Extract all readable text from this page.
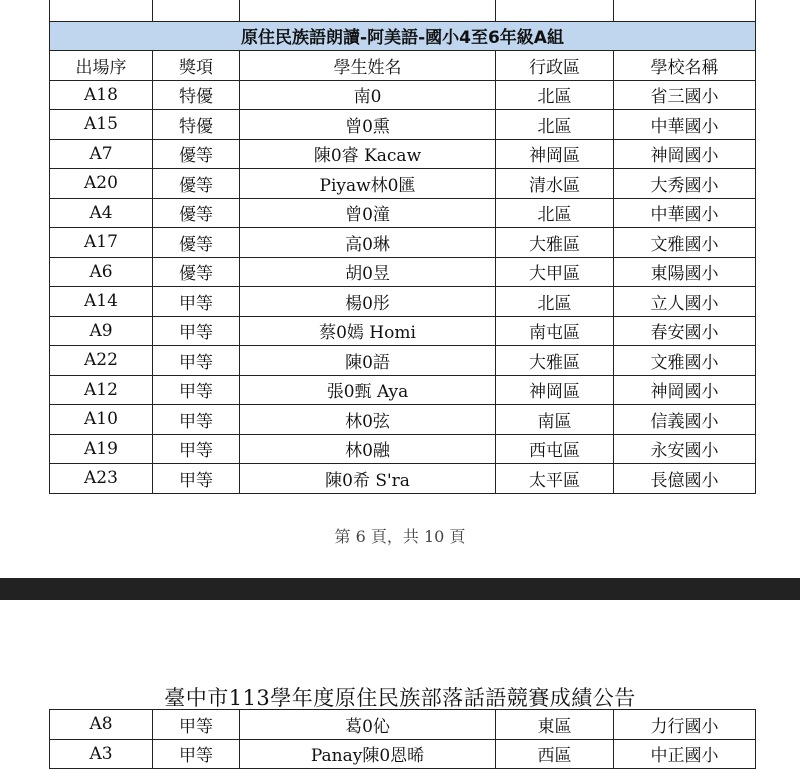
原住民族語朗讀-阿美語-國小4至6年級A組				
出場序	獎項	學生姓名	行政區	學校名稱
A18	特優	南0	北區	省三國小
A15	特優	曾0熏	北區	中華國小
A7	優等	陳0睿 Kacaw	神岡區	神岡國小
A20	優等	Piyaw林0匯	清水區	大秀國小
A4	優等	曾0潼	北區	中華國小
A17	優等	高0琳	大雅區	文雅國小
A6	優等	胡0昱	大甲區	東陽國小
A14	甲等	楊0彤	北區	立人國小
A9	甲等	蔡0嫣 Homi	南屯區	春安國小
A22	甲等	陳0語	大雅區	文雅國小
A12	甲等	張0甄 Aya	神岡區	神岡國小
A10	甲等	林0弦	南區	信義國小
A19	甲等	林0融	西屯區	永安國小
A23	甲等	陳0希 S'ra	太平區	長億國小
第 6 頁，共 10 頁
臺中市113學年度原住民族部落話語競賽成績公告
A8	甲等	葛0伈	東區	力行國小
A3	甲等	Panay陳0恩晞	西區	中正國小
